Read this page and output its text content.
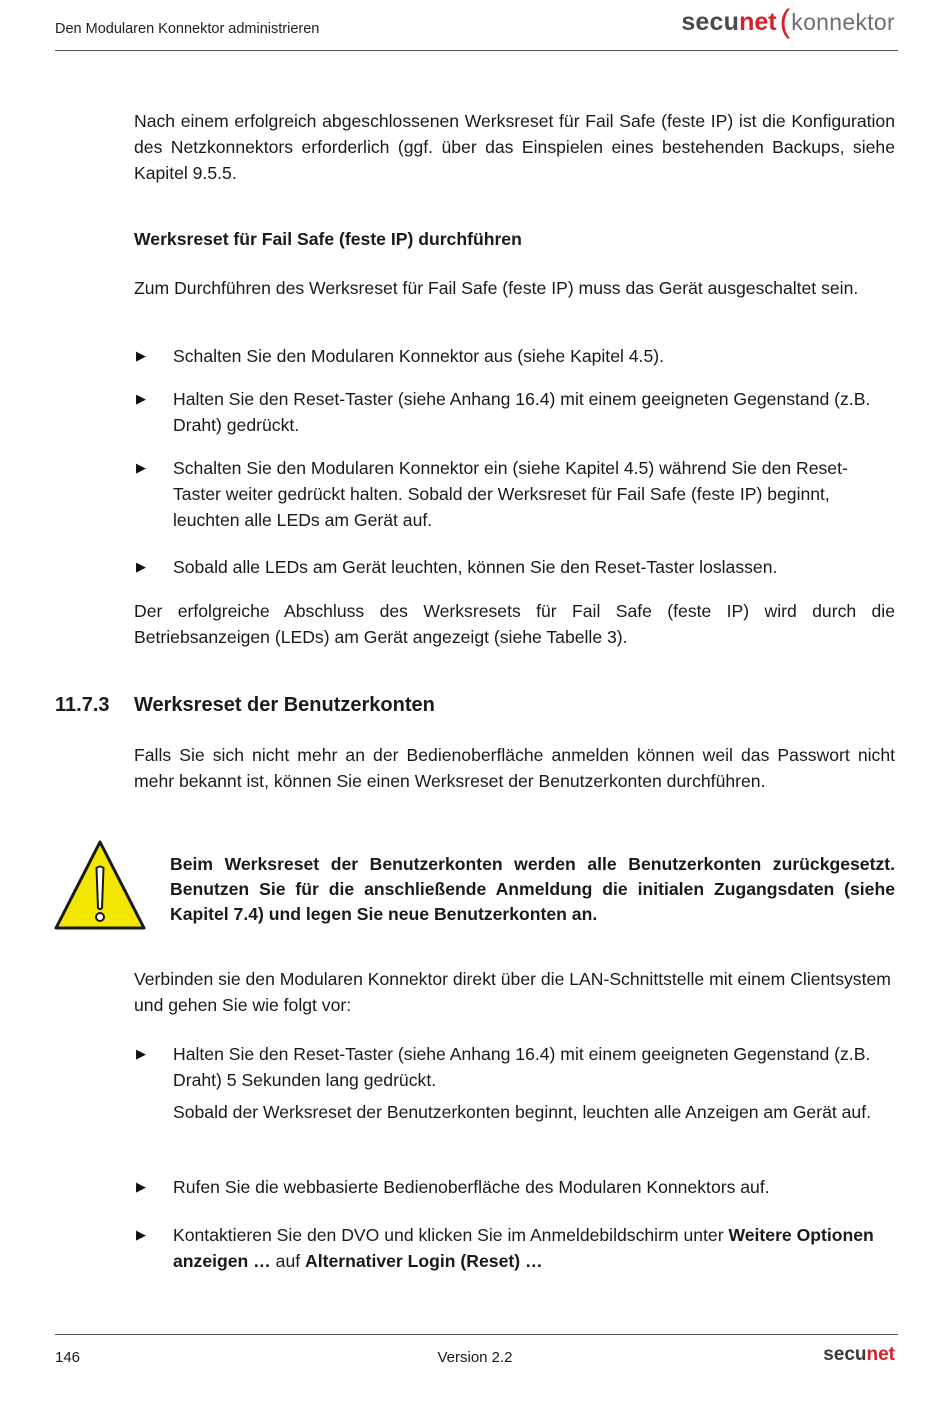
Den Modularen Konnektor administrieren	secu net ( konnektor
Nach einem erfolgreich abgeschlossenen Werksreset für Fail Safe (feste IP) ist die Konfiguration des Netzkonnektors erforderlich (ggf. über das Einspielen eines bestehenden Backups, siehe Kapitel 9.5.5.
Werksreset für Fail Safe (feste IP) durchführen
Zum Durchführen des Werksreset für Fail Safe (feste IP) muss das Gerät ausgeschaltet sein.
▶ Schalten Sie den Modularen Konnektor aus (siehe Kapitel 4.5).
▶ Halten Sie den Reset-Taster (siehe Anhang 16.4) mit einem geeigneten Gegenstand (z.B. Draht) gedrückt.
▶ Schalten Sie den Modularen Konnektor ein (siehe Kapitel 4.5) während Sie den Reset-Taster weiter gedrückt halten. Sobald der Werksreset für Fail Safe (feste IP) beginnt, leuchten alle LEDs am Gerät auf.
▶ Sobald alle LEDs am Gerät leuchten, können Sie den Reset-Taster loslassen.
Der erfolgreiche Abschluss des Werksresets für Fail Safe (feste IP) wird durch die Betriebsanzeigen (LEDs) am Gerät angezeigt (siehe Tabelle 3).
11.7.3 Werksreset der Benutzerkonten
Falls Sie sich nicht mehr an der Bedienoberfläche anmelden können weil das Passwort nicht mehr bekannt ist, können Sie einen Werksreset der Benutzerkonten durchführen.
Beim Werksreset der Benutzerkonten werden alle Benutzerkonten zurückgesetzt. Benutzen Sie für die anschließende Anmeldung die initialen Zugangsdaten (siehe Kapitel 7.4) und legen Sie neue Benutzerkonten an.
Verbinden sie den Modularen Konnektor direkt über die LAN-Schnittstelle mit einem Clientsystem und gehen Sie wie folgt vor:
▶ Halten Sie den Reset-Taster (siehe Anhang 16.4) mit einem geeigneten Gegenstand (z.B. Draht) 5 Sekunden lang gedrückt.
Sobald der Werksreset der Benutzerkonten beginnt, leuchten alle Anzeigen am Gerät auf.
▶ Rufen Sie die webbasierte Bedienoberfläche des Modularen Konnektors auf.
▶ Kontaktieren Sie den DVO und klicken Sie im Anmeldebildschirm unter Weitere Optionen anzeigen … auf Alternativer Login (Reset) …
146	Version 2.2	secunet
